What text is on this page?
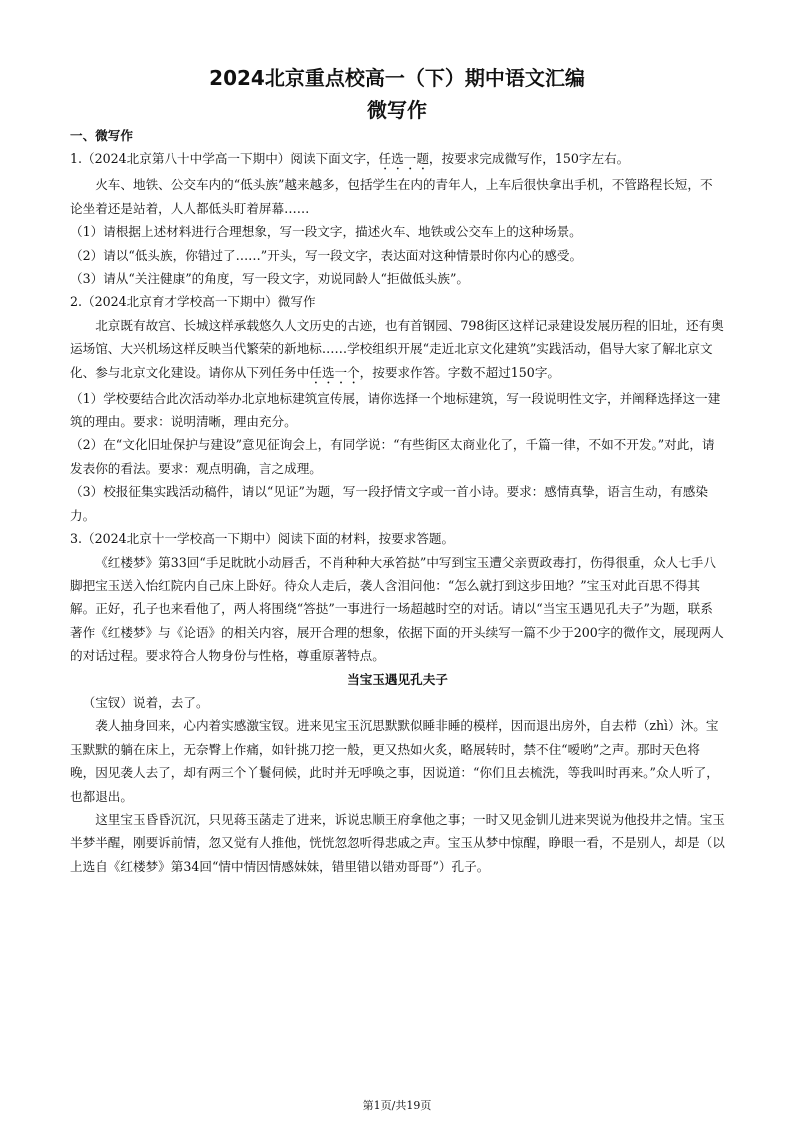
2024北京重点校高一（下）期中语文汇编
微写作

一、微写作

1.（2024北京第八十中学高一下期中）阅读下面文字，任选一题，按要求完成微写作，150字左右。

火车、地铁、公交车内的“低头族”越来越多，包括学生在内的青年人，上车后很快拿出手机，不管路程长短，不论坐着还是站着，人人都低头盯着屏幕……

（1）请根据上述材料进行合理想象，写一段文字，描述火车、地铁或公交车上的这种场景。

（2）请以“低头族，你错过了……”开头，写一段文字，表达面对这种情景时你内心的感受。

（3）请从“关注健康”的角度，写一段文字，劝说同龄人“拒做低头族”。

2.（2024北京育才学校高一下期中）微写作

北京既有故宫、长城这样承载悠久人文历史的古迹，也有首钢园、798街区这样记录建设发展历程的旧址，还有奥运场馆、大兴机场这样反映当代繁荣的新地标……学校组织开展“走近北京文化建筑”实践活动，倡导大家了解北京文化、参与北京文化建设。请你从下列任务中任选一个，按要求作答。字数不超过150字。

（1）学校要结合此次活动举办北京地标建筑宣传展，请你选择一个地标建筑，写一段说明性文字，并阐释选择这一建筑的理由。要求：说明清晰，理由充分。

（2）在“文化旧址保护与建设”意见征询会上，有同学说：“有些街区太商业化了，千篇一律，不如不开发。”对此，请发表你的看法。要求：观点明确，言之成理。

（3）校报征集实践活动稿件，请以“见证”为题，写一段抒情文字或一首小诗。要求：感情真挚，语言生动，有感染力。

3.（2024北京十一学校高一下期中）阅读下面的材料，按要求答题。

《红楼梦》第33回“手足眈眈小动唇舌，不肖种种大承笞挞”中写到宝玉遭父亲贾政毒打，伤得很重，众人七手八脚把宝玉送入怡红院内自己床上卧好。待众人走后，袭人含泪问他：“怎么就打到这步田地？”宝玉对此百思不得其解。正好，孔子也来看他了，两人将围绕“答挞”一事进行一场超越时空的对话。请以“当宝玉遇见孔夫子”为题，联系著作《红楼梦》与《论语》的相关内容，展开合理的想象，依据下面的开头续写一篇不少于200字的微作文，展现两人的对话过程。要求符合人物身份与性格，尊重原著特点。

当宝玉遇见孔夫子

（宝钗）说着，去了。

袭人抽身回来，心内着实感激宝钗。进来见宝玉沉思默默似睡非睡的模样，因而退出房外，自去栉（zhì）沐。宝玉默默的躺在床上，无奈臀上作痛，如针挑刀挖一般，更又热如火炙，略展转时，禁不住“嗳哟”之声。那时天色将晚，因见袭人去了，却有两三个丫鬟伺候，此时并无呼唤之事，因说道：“你们且去梳洗，等我叫时再来。”众人听了，也都退出。

这里宝玉昏昏沉沉，只见蒋玉菡走了进来，诉说忠顺王府拿他之事；一时又见金钏儿进来哭说为他投井之情。宝玉半梦半醒，刚要诉前情，忽又觉有人推他，恍恍忽忽听得悲戚之声。宝玉从梦中惊醒，睁眼一看，不是别人，却是（以上选自《红楼梦》第34回“情中情因情感妹妹，错里错以错劝哥哥”）孔子。

第1页/共19页
